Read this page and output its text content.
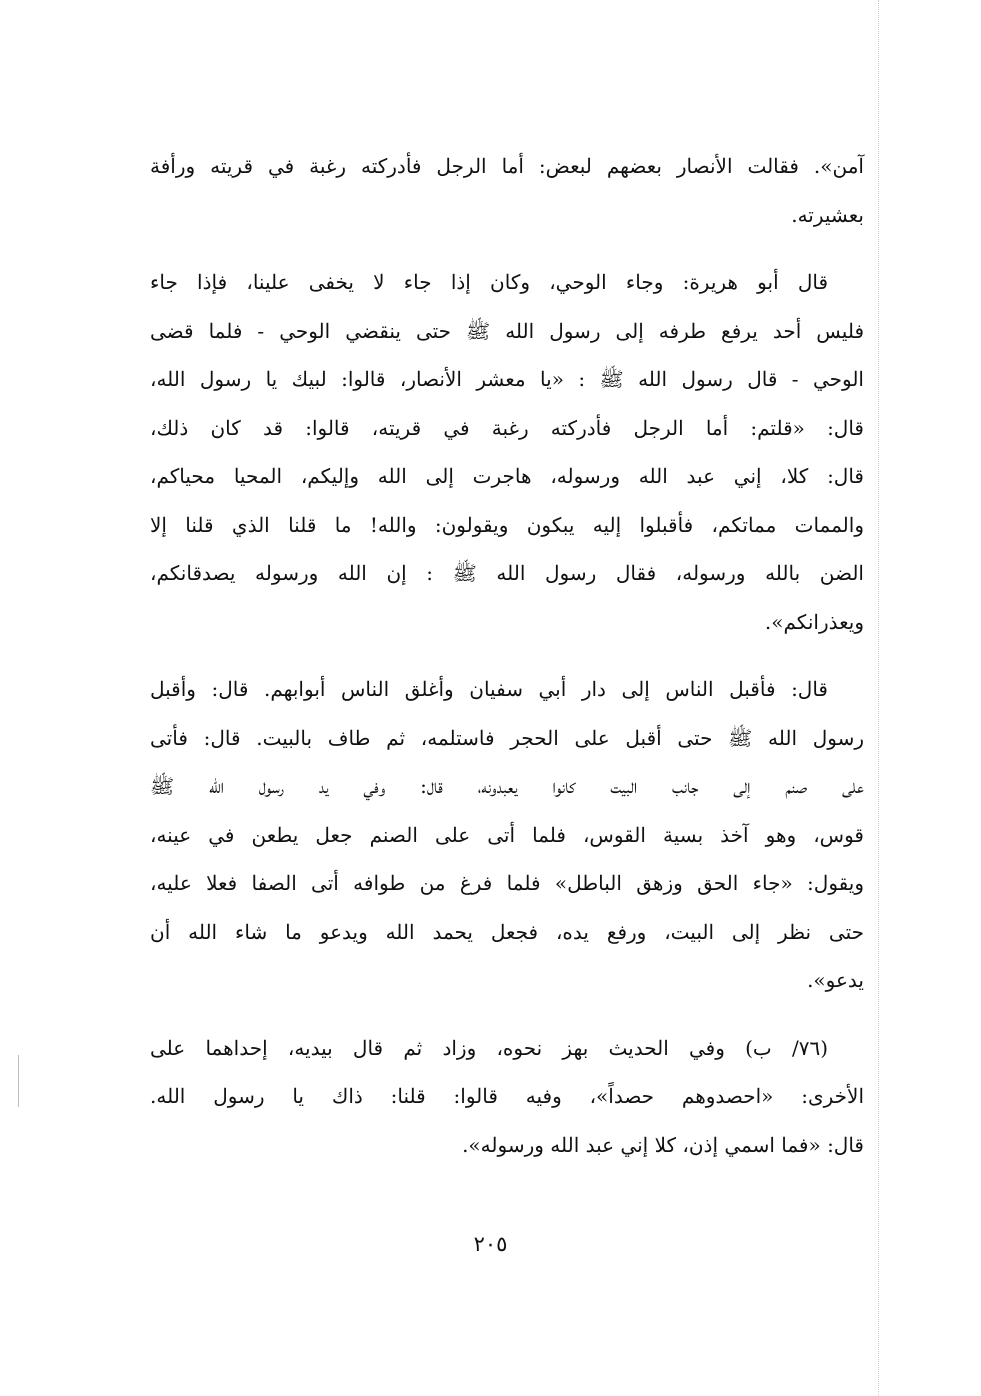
آمن». فقالت الأنصار بعضهم لبعض: أما الرجل فأدركته رغبة في قريته ورأفة
بعشيرته.
قال أبو هريرة: وجاء الوحي، وكان إذا جاء لا يخفى علينا، فإذا جاء
فليس أحد يرفع طرفه إلى رسول الله ﷺ حتى ينقضي الوحي - فلما قضى
الوحي - قال رسول الله ﷺ : «يا معشر الأنصار، قالوا: لبيك يا رسول الله،
قال: «قلتم: أما الرجل فأدركته رغبة في قريته، قالوا: قد كان ذلك،
قال: كلا، إني عبد الله ورسوله، هاجرت إلى الله وإليكم، المحيا محياكم،
والممات مماتكم، فأقبلوا إليه يبكون ويقولون: والله! ما قلنا الذي قلنا إلا
الضن بالله ورسوله، فقال رسول الله ﷺ : إن الله ورسوله يصدقانكم،
ويعذرانكم».
قال: فأقبل الناس إلى دار أبي سفيان وأغلق الناس أبوابهم. قال: وأقبل
رسول الله ﷺ حتى أقبل على الحجر فاستلمه، ثم طاف بالبيت. قال: فأتى
على صنم إلى جانب البيت كانوا يعبدونه، قال: وفي يد رسول الله ﷺ
قوس، وهو آخذ بسية القوس، فلما أتى على الصنم جعل يطعن في عينه،
ويقول: «جاء الحق وزهق الباطل» فلما فرغ من طوافه أتى الصفا فعلا عليه،
حتى نظر إلى البيت، ورفع يده، فجعل يحمد الله ويدعو ما شاء الله أن
يدعو».
(٧٦/ ب) وفي الحديث بهز نحوه، وزاد ثم قال بيديه، إحداهما على
الأخرى: «احصدوهم حصداً»، وفيه قالوا: قلنا: ذاك يا رسول الله.
قال: «فما اسمي إذن، كلا إني عبد الله ورسوله».
٢٠٥
